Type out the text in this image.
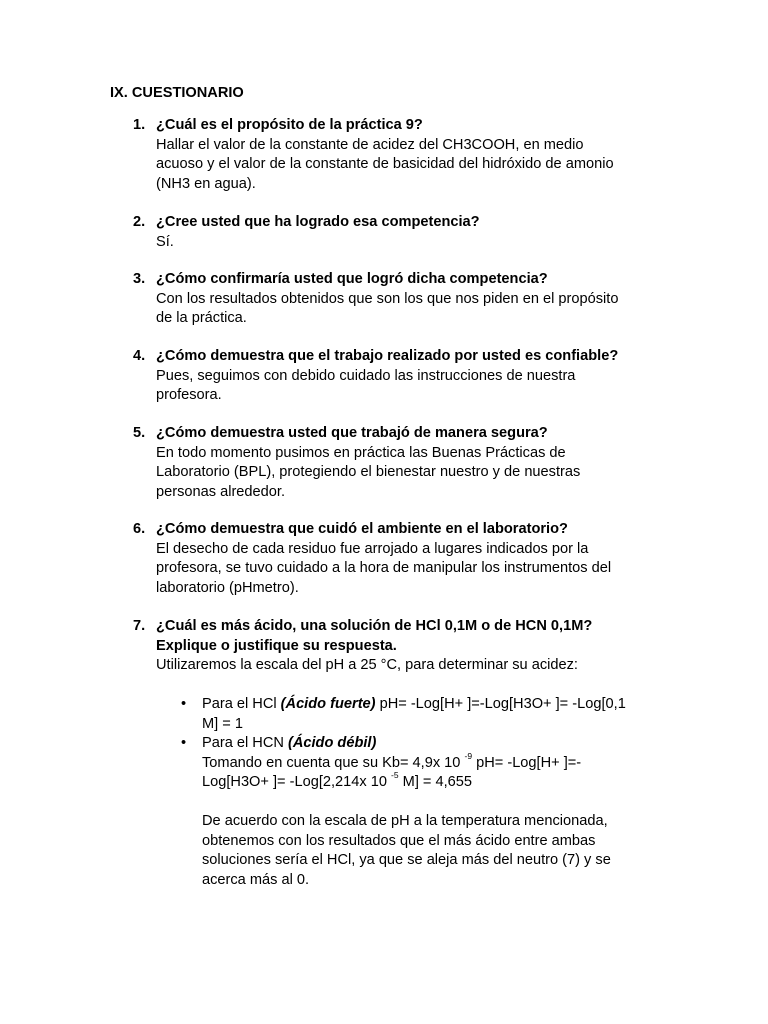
IX. CUESTIONARIO
1. ¿Cuál es el propósito de la práctica 9?

Hallar el valor de la constante de acidez del CH3COOH, en medio

acuoso y el valor de la constante de basicidad del hidróxido de amonio

(NH3 en agua).

2. ¿Cree usted que ha logrado esa competencia?

Sí.

3. ¿Cómo confirmaría usted que logró dicha competencia?

Con los resultados obtenidos que son los que nos piden en el propósito

de la práctica.

4. ¿Cómo demuestra que el trabajo realizado por usted es confiable?

Pues, seguimos con debido cuidado las instrucciones de nuestra

profesora.

5. ¿Cómo demuestra usted que trabajó de manera segura?

En todo momento pusimos en práctica las Buenas Prácticas de

Laboratorio (BPL), protegiendo el bienestar nuestro y de nuestras

personas alrededor.

6. ¿Cómo demuestra que cuidó el ambiente en el laboratorio?

El desecho de cada residuo fue arrojado a lugares indicados por la

profesora, se tuvo cuidado a la hora de manipular los instrumentos del

laboratorio (pHmetro).

7. ¿Cuál es más ácido, una solución de HCl 0,1M o de HCN 0,1M?

Explique o justifique su respuesta.

Utilizaremos la escala del pH a 25 °C, para determinar su acidez:

• Para el HCl (Ácido fuerte) pH= -Log[H+ ]=-Log[H3O+ ]= -Log[0,1
M] = 1
• Para el HCN (Ácido débil)
Tomando en cuenta que su Kb= 4,9x 10 $^{-9}$ pH= -Log[H+ ]=-
Log[H3O+ ]= -Log[2,214x 10 $^{-5}$ M] = 4,655
De acuerdo con la escala de pH a la temperatura mencionada,
obtenemos con los resultados que el más ácido entre ambas
soluciones sería el HCl, ya que se aleja más del neutro (7) y se
acerca más al 0.
